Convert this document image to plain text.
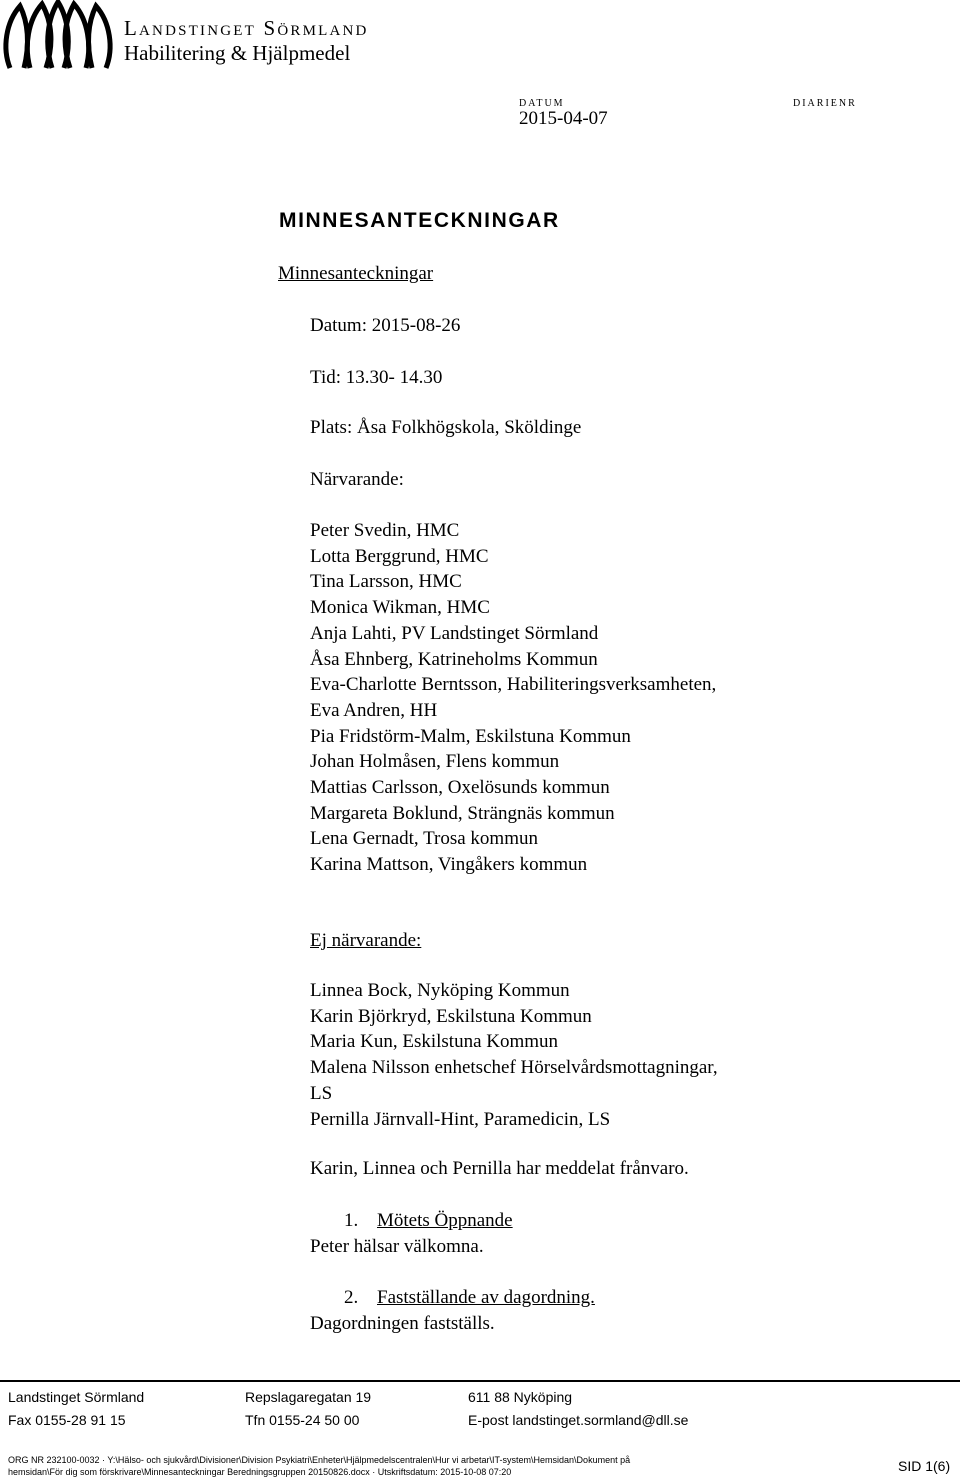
Landstinget Sörmland
Habilitering & Hjälpmedel
DATUM	DIARIENR
2015-04-07
MINNESANTECKNINGAR
Minnesanteckningar
Datum: 2015-08-26
Tid: 13.30- 14.30
Plats: Åsa Folkhögskola, Sköldinge
Närvarande:
Peter Svedin, HMC
Lotta Berggrund, HMC
Tina Larsson, HMC
Monica Wikman, HMC
Anja Lahti, PV Landstinget Sörmland
Åsa Ehnberg, Katrineholms Kommun
Eva-Charlotte Berntsson, Habiliteringsverksamheten,
Eva Andren, HH
Pia Fridstörm-Malm, Eskilstuna Kommun
Johan Holmåsen, Flens kommun
Mattias Carlsson, Oxelösunds kommun
Margareta Boklund, Strängnäs kommun
Lena Gernadt, Trosa kommun
Karina Mattson, Vingåkers kommun
Ej närvarande:
Linnea Bock, Nyköping Kommun
Karin Björkryd, Eskilstuna Kommun
Maria Kun, Eskilstuna Kommun
Malena Nilsson enhetschef Hörselvårdsmottagningar,
LS
Pernilla Järnvall-Hint, Paramedicin, LS
Karin, Linnea och Pernilla har meddelat frånvaro.
1. Mötets Öppnande
Peter hälsar välkomna.
2. Fastställande av dagordning.
Dagordningen fastställs.
Landstinget Sörmland	Repslagaregatan 19	611 88 Nyköping
Fax 0155-28 91 15	Tfn 0155-24 50 00	E-post landstinget.sormland@dll.se
ORG NR 232100-0032 · Y:\Hälso- och sjukvård\Divisioner\Division Psykiatri\Enheter\Hjälpmedelscentralen\Hur vi arbetar\IT-system\Hemsidan\Dokument på
hemsidan\För dig som förskrivare\Minnesanteckningar Beredningsgruppen 20150826.docx · Utskriftsdatum: 2015-10-08 07:20	SID 1(6)
